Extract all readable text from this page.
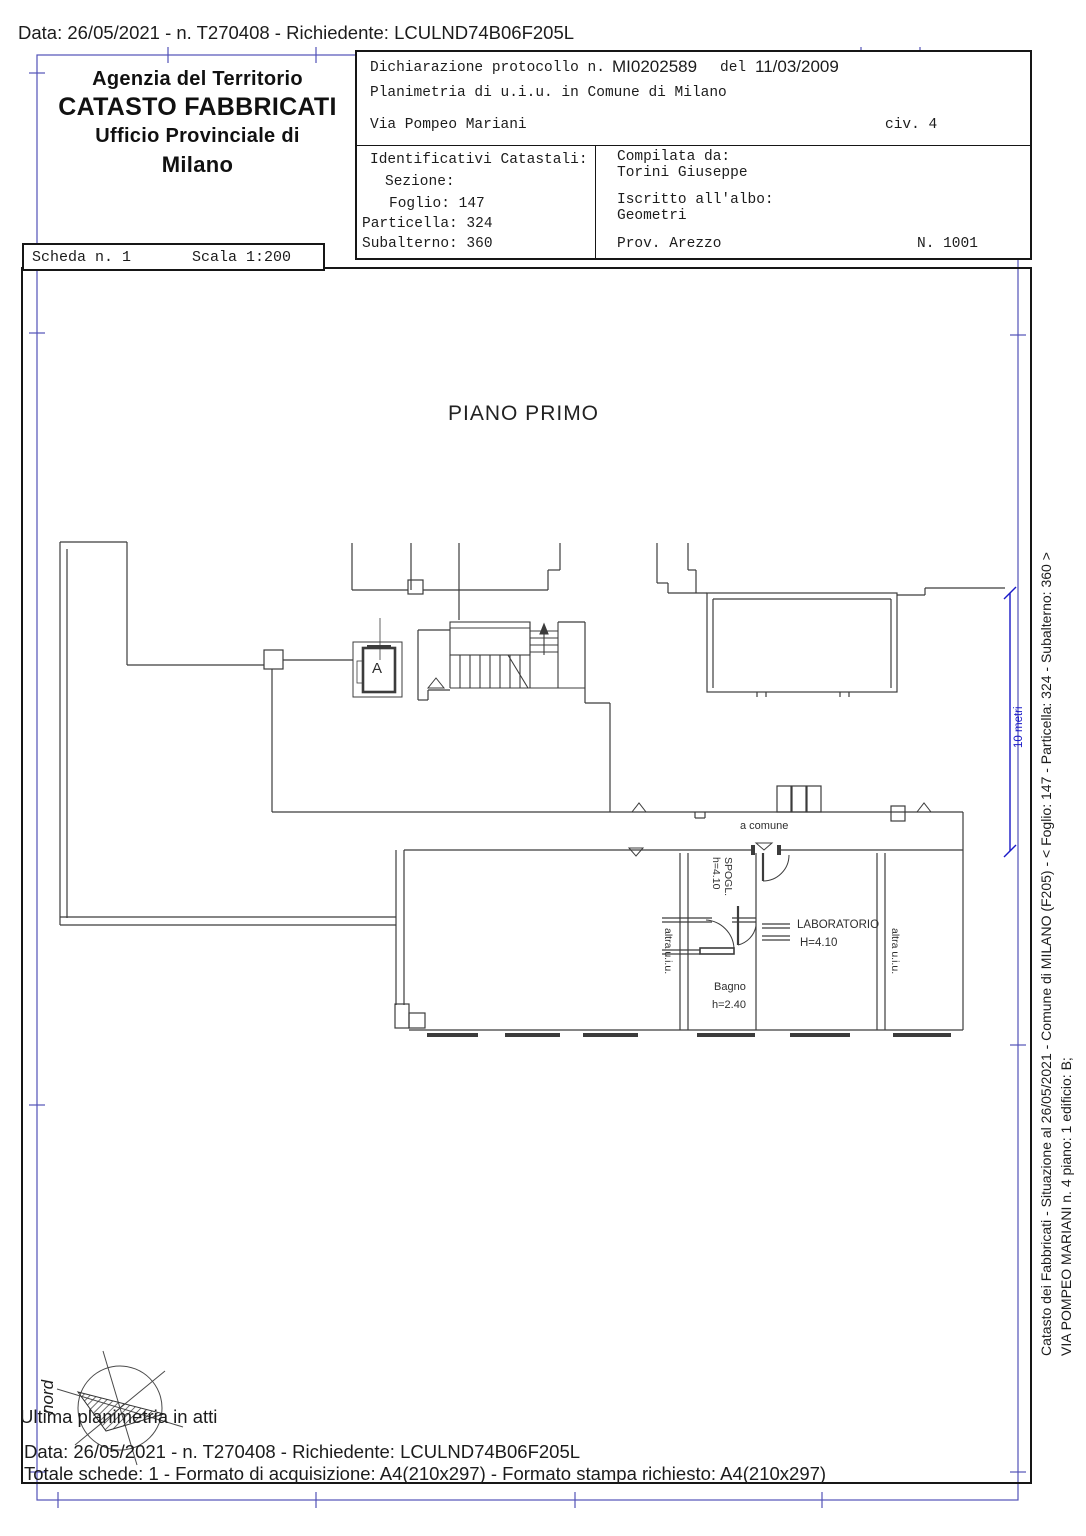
Data: 26/05/2021 - n. T270408 - Richiedente: LCULND74B06F205L
Agenzia del Territorio
CATASTO FABBRICATI
Ufficio Provinciale di
Milano
Dichiarazione protocollo n. MI0202589 del 11/03/2009
Planimetria di u.i.u. in Comune di Milano
Via Pompeo Mariani	civ. 4
Identificativi Catastali:
Sezione:
Foglio: 147
Particella: 324
Subalterno: 360
Compilata da:
Torini Giuseppe
Iscritto all'albo:
Geometri
Prov. Arezzo	N. 1001
Scheda n. 1	Scala 1:200
PIANO PRIMO
A
a comune
SPOGL.
h=4.10
LABORATORIO
H=4.10
Bagno
h=2.40
altra u.i.u.	altra u.i.u.
10 metri
nord
Catasto dei Fabbricati - Situazione al 26/05/2021 - Comune di MILANO (F205) - < Foglio: 147 - Particella: 324 - Subalterno: 360 > VIA POMPEO MARIANI n. 4 piano: 1 edificio: B;
Ultima planimetria in atti
Data: 26/05/2021 - n. T270408 - Richiedente: LCULND74B06F205L
Totale schede: 1 - Formato di acquisizione: A4(210x297) - Formato stampa richiesto: A4(210x297)
